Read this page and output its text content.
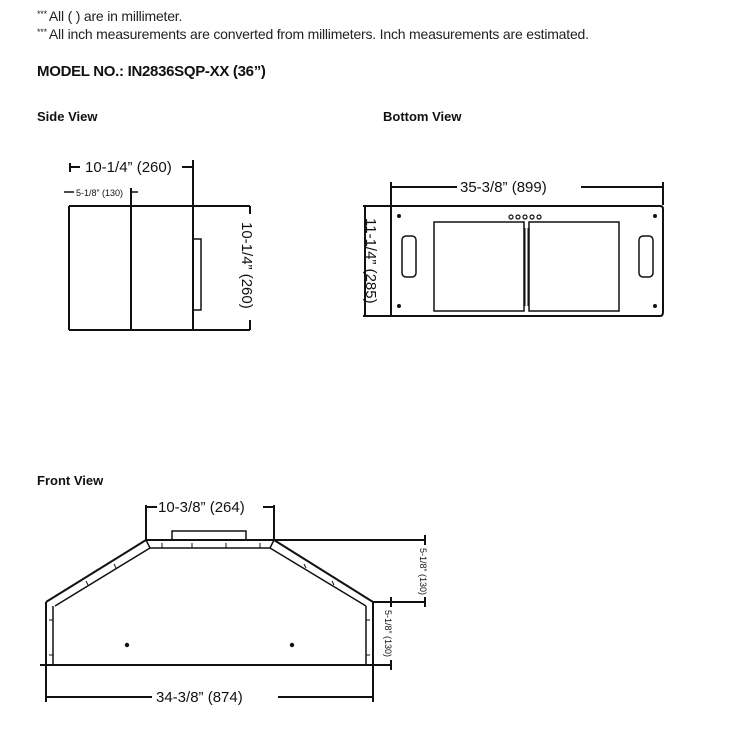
*** All ( ) are in millimeter.
*** All inch measurements are converted from millimeters. Inch measurements are estimated.
MODEL NO.: IN2836SQP-XX (36”)
Side View	Bottom View
Front View
10-1/4” (260)
5-1/8” (130)
10-1/4” (260)
35-3/8” (899)
11-1/4” (285)
10-3/8” (264)
5-1/8” (130)
5-1/8” (130)
34-3/8” (874)
